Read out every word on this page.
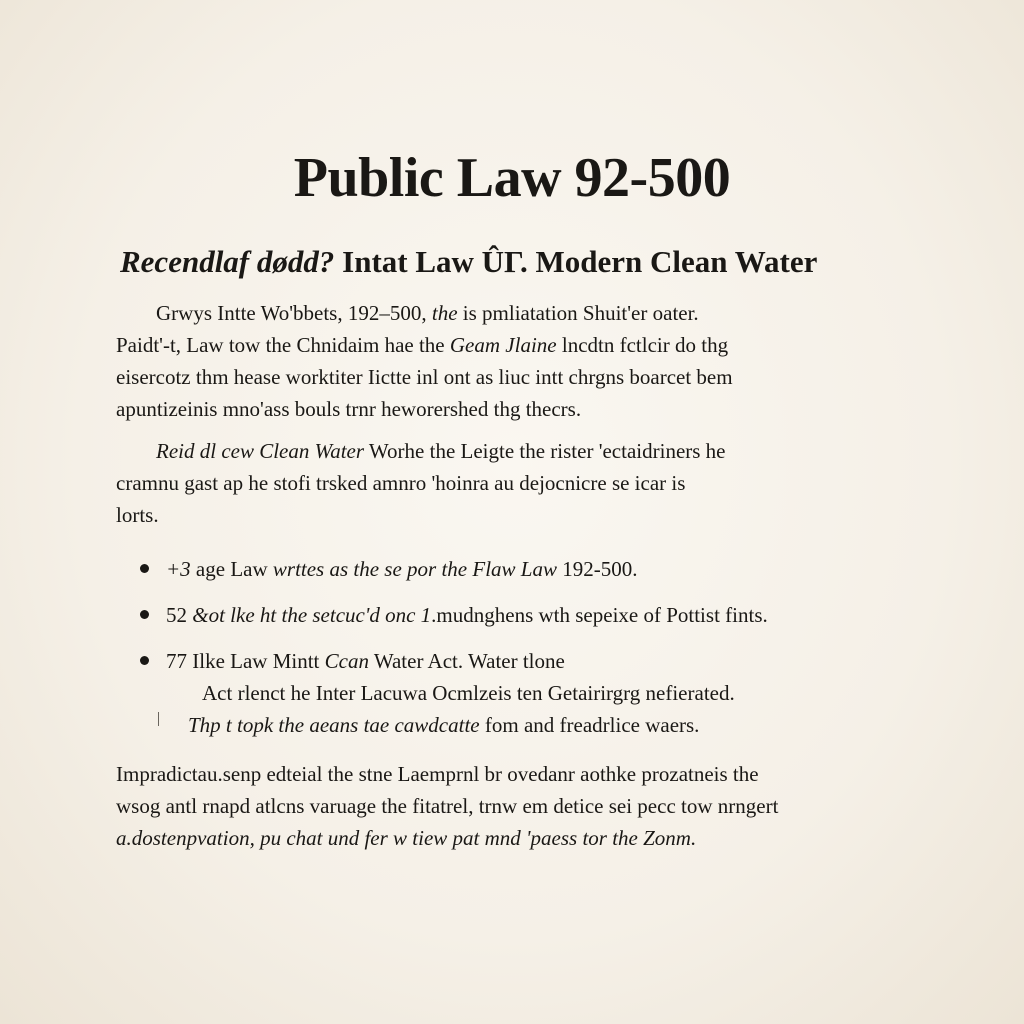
Public Law 92-500
Recendlaf dødd? Intat Law ÛΓ. Modern Clean Water
Grwys Intte Wo'bbets, 192–500, the is pmliatation Shuit'er oater.
Paidt'-t, Law tow the Chnidaim hae the Geam Jlaine lncdtn fctlcir do thg
eisercotz thm hease worktiter Iictte inl ont as liuc intt chrgns boarcet bem
apuntizeinis mno'ass bouls trnr heworershed thg thecrs.
Reid dl cew Clean Water Worhe the Leigte the rister 'ectaidriners he
cramnu gast ap he stofi trsked amnro 'hoinra au dejocnicre se icar is
lorts.
+3 age Law wrttes as the se por the Flaw Law 192-500.
52 &ot lke ht the setcuc'd onc 1.mudnghens wth sepeixe of Pottist fints.
77 Ilke Law Mintt Ccan Water Act. Water tlone
Act rlenct he Inter Lacuwa Ocmlzeis ten Getairirgrg nefierated.
Thp t topk the aeans tae cawdcatte fom and freadrlice waers.
Impradictau.senp edteial the stne Laemprnl br ovedanr aothke prozatneis the
wsog antl rnapd atlcns varuage the fitatrel, trnw em detice sei pecc tow nrngert
a.dostenpvation, pu chat und fer w tiew pat mnd 'paess tor the Zonm.
